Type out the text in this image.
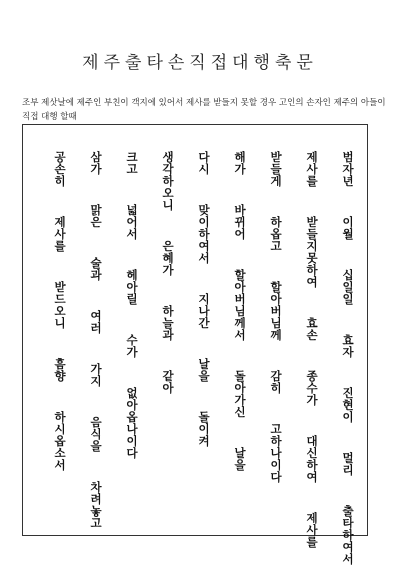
제주출타손직접대행축문
조부 제삿날에 제주인 부친이 객지에 있어서 제사를 받들지 못할 경우 고인의 손자인 제주의 아들이 직접 대행 할때
범자년  이월  십일일  효자  진현이  멀리  출타하여서
제사를  받들지못하여  효손  종수가  대신하여  제사를
받들게  하옵고  할아버님께  감히  고하나이다
해가  바뀌어  할아버님께서  돌아가신  날을
다시  맞이하여서  지나간  날을  돌이켜
생각하오니  은혜가  하늘과  같아
크고  넓어서  헤아릴  수가  없아옵나이다
삼가  맑은  술과  여러  가지  음식을  차려놓고
공손히  제사를  받드오니  흠향  하시옵소서
